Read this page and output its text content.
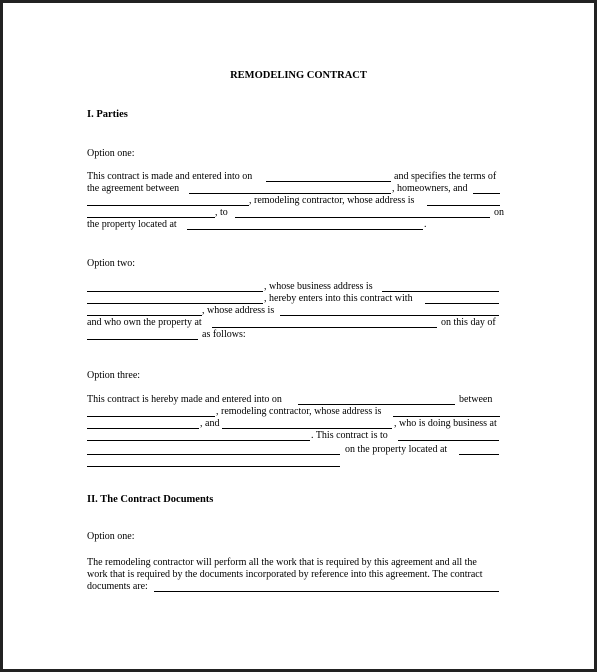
REMODELING CONTRACT
I. Parties
Option one:
This contract is made and entered into on	and specifies the terms of
the agreement between	, homeowners, and
, remodeling contractor, whose address is
, to	on
the property located at	.
Option two:
, whose business address is
, hereby enters into this contract with
, whose address is
and who own the property at	on this day of
as follows:
Option three:
This contract is hereby made and entered into on	between
, remodeling contractor, whose address is
, and	, who is doing business at
. This contract is to
on the property located at
II. The Contract Documents
Option one:
The remodeling contractor will perform all the work that is required by this agreement and all the
work that is required by the documents incorporated by reference into this agreement. The contract
documents are:
